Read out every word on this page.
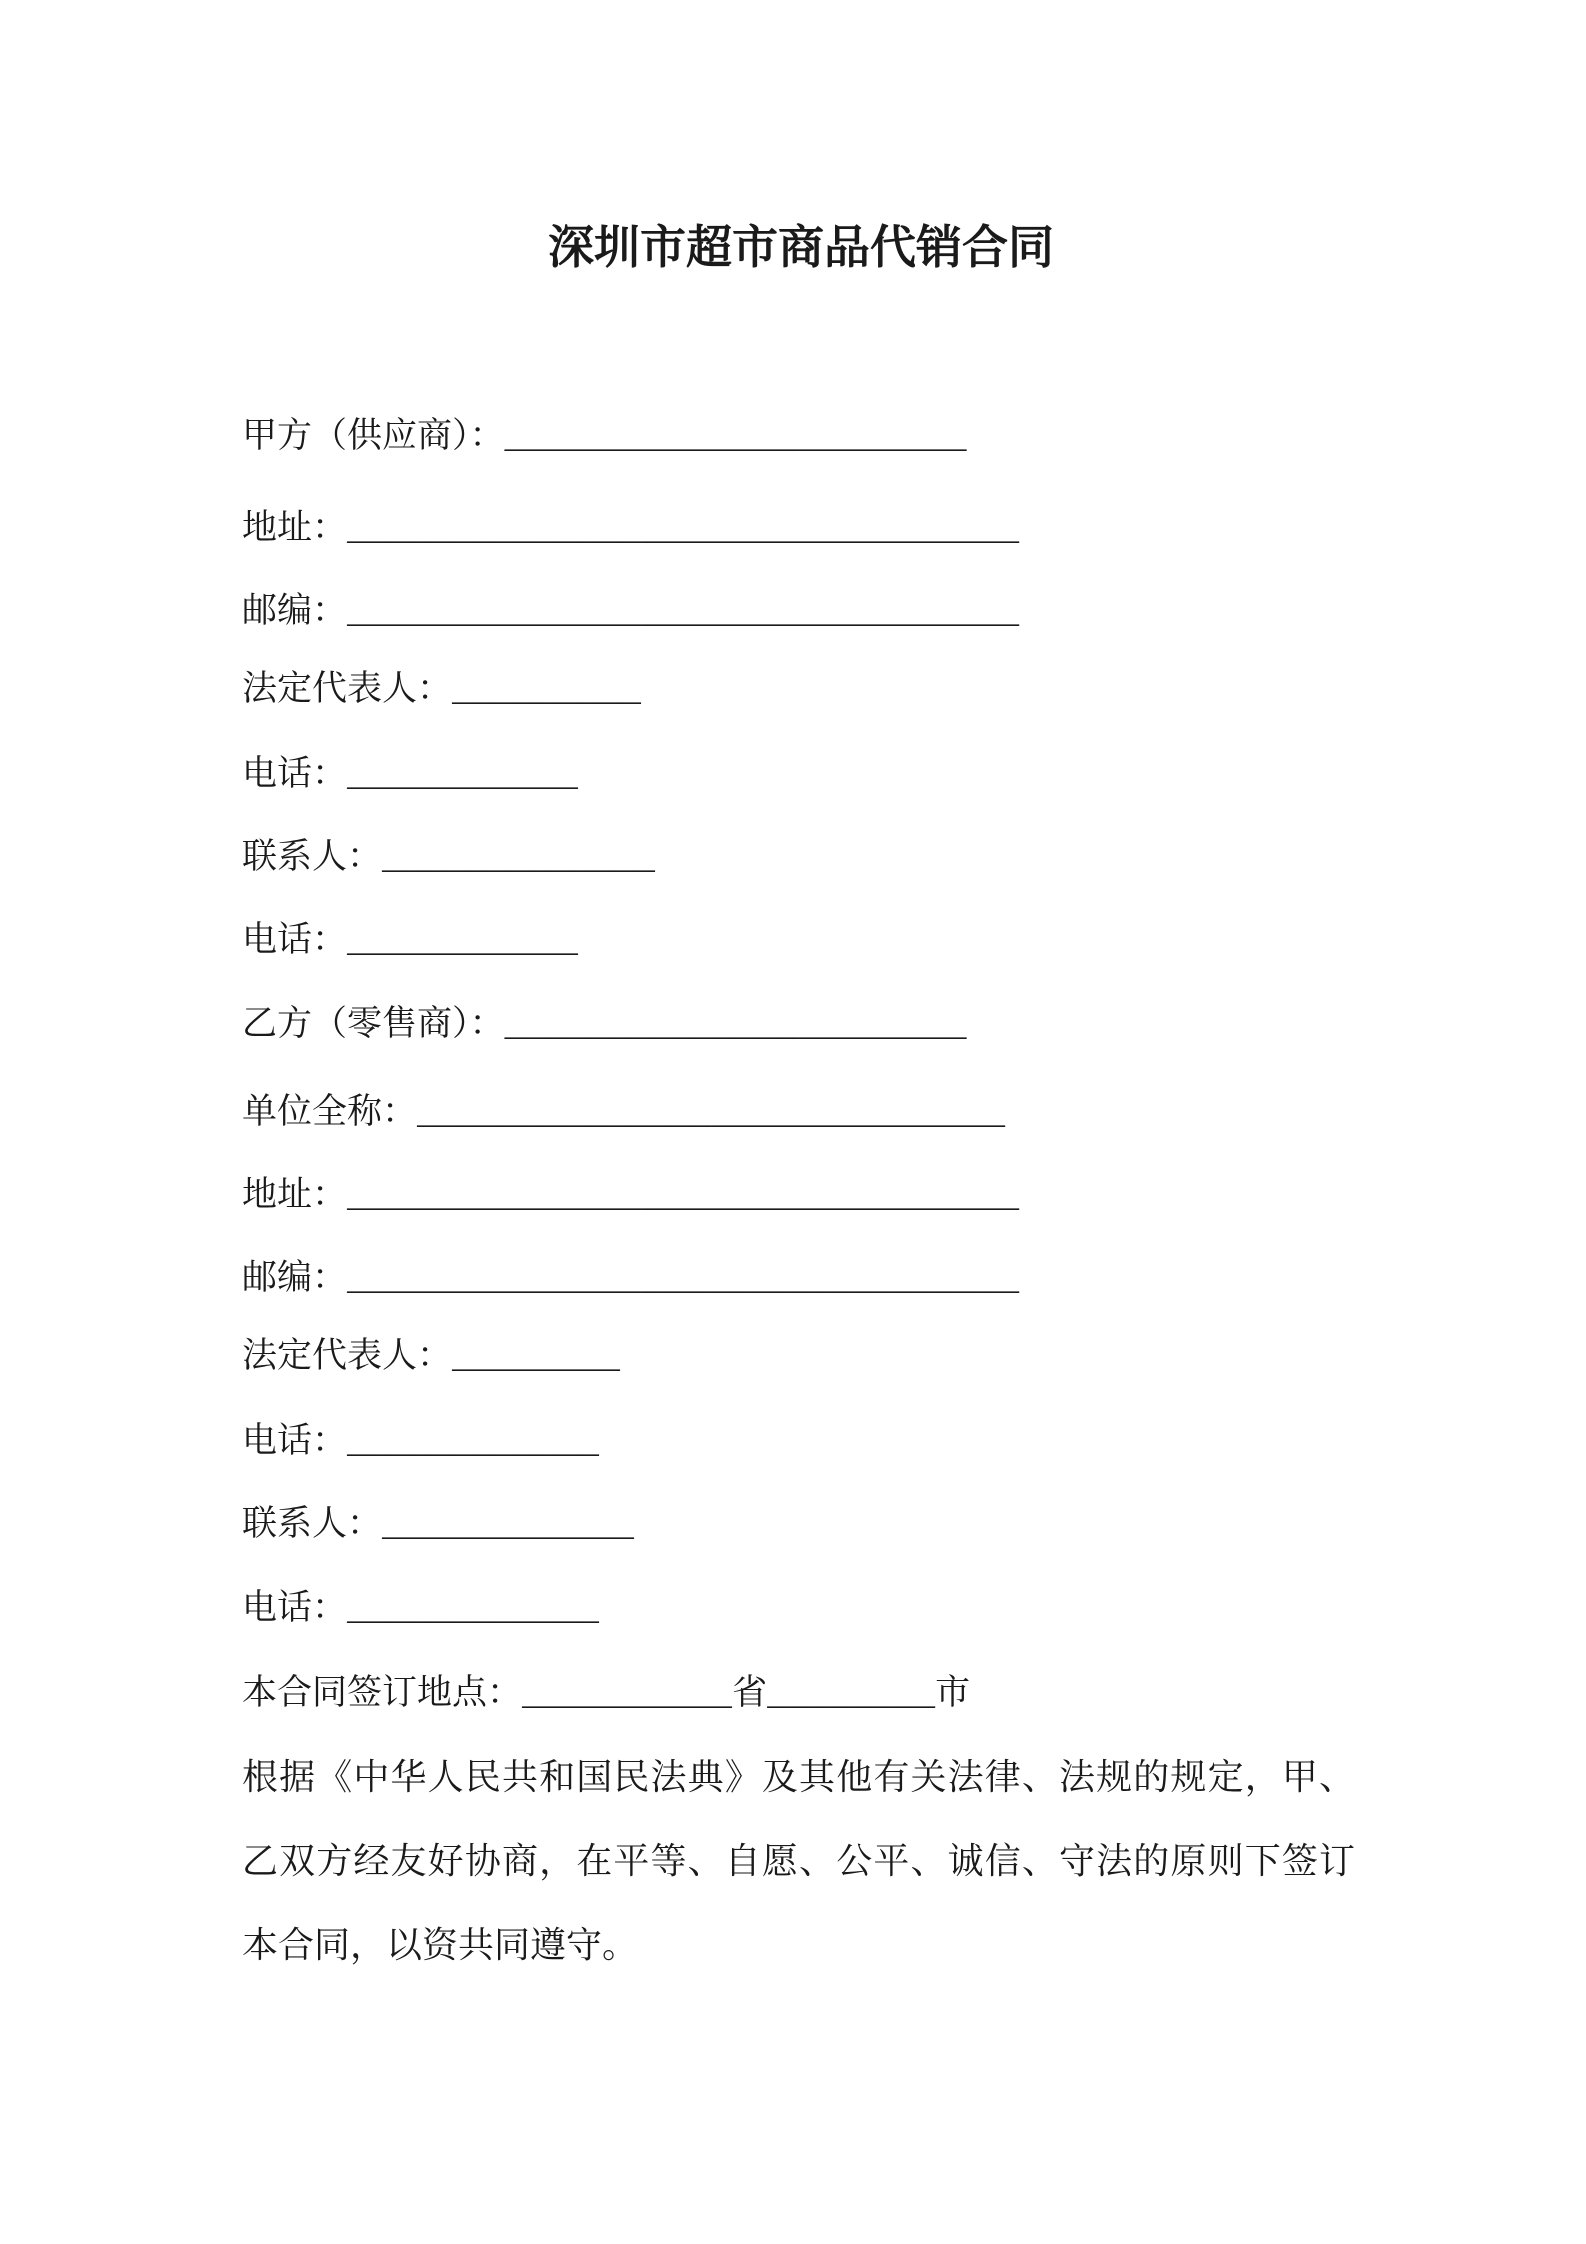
深圳市超市商品代销合同
甲方（供应商）：______________________
地址：________________________________
邮编：________________________________
法定代表人：_________
电话：___________
联系人：_____________
电话：___________
乙方（零售商）：______________________
单位全称：____________________________
地址：________________________________
邮编：________________________________
法定代表人：________
电话：____________
联系人：____________
电话：____________
本合同签订地点：__________省________市
根据《中华人民共和国民法典》及其他有关法律、法规的规定，甲、乙双方经友好协商，在平等、自愿、公平、诚信、守法的原则下签订本合同，以资共同遵守。
